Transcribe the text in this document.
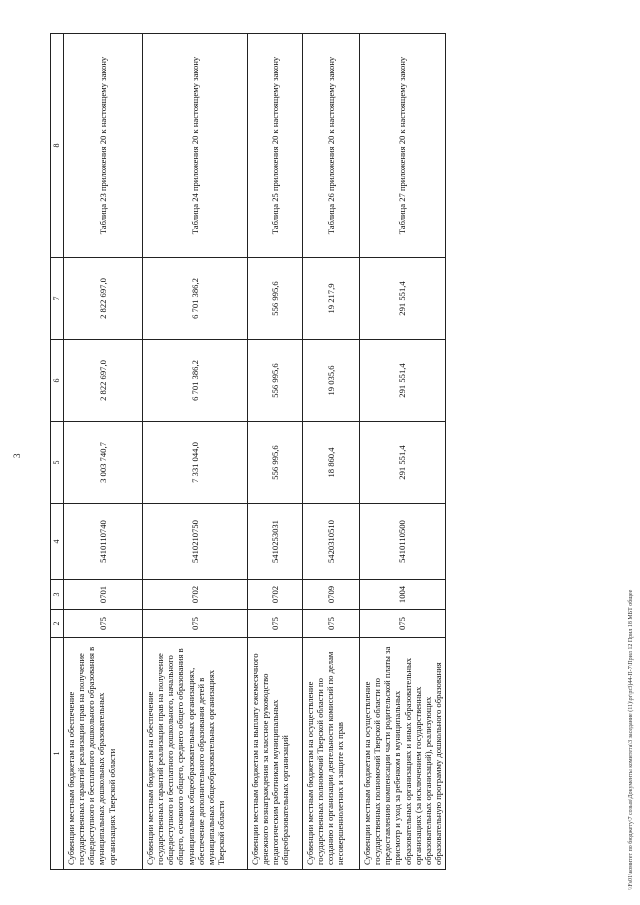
3
\\Fs01\комитет по бюджету\7 созыв\Документы комитета\3 заседание (11)\pr\pr3)44-П-7\Прил 12 Прил 18 МБТ общее
1	2	3	4	5	6	7	8
Субвенции местным бюджетам на обеспечение государственных гарантий реализации прав на получение общедоступного и бесплатного дошкольного образования в муниципальных дошкольных образовательных организациях Тверской области	075	0701	5410110740	3 003 740,7	2 822 697,0	2 822 697,0	Таблица 23 приложения 20 к настоящему закону
Субвенции местным бюджетам на обеспечение государственных гарантий реализации прав на получение общедоступного и бесплатного дошкольного, начального общего, основного общего, среднего общего образования в муниципальных общеобразовательных организациях, обеспечение дополнительного образования детей в муниципальных общеобразовательных организациях Тверской области	075	0702	5410210750	7 331 044,0	6 701 386,2	6 701 386,2	Таблица 24 приложения 20 к настоящему закону
Субвенции местным бюджетам на выплату ежемесячного денежного вознаграждения за классное руководство педагогическим работникам муниципальных общеобразовательных организаций	075	0702	5410253031	556 995,6	556 995,6	556 995,6	Таблица 25 приложения 20 к настоящему закону
Субвенции местным бюджетам на осуществление государственных полномочий Тверской области по созданию и организации деятельности комиссий по делам несовершеннолетних и защите их прав	075	0709	5420310510	18 860,4	19 035,6	19 217,9	Таблица 26 приложения 20 к настоящему закону
Субвенции местным бюджетам на осуществление государственных полномочий Тверской области по предоставлению компенсации части родительской платы за присмотр и уход за ребенком в муниципальных образовательных организациях и иных образовательных организациях (за исключением государственных образовательных организаций), реализующих образовательную программу дошкольного образования	075	1004	5410110500	291 551,4	291 551,4	291 551,4	Таблица 27 приложения 20 к настоящему закону
